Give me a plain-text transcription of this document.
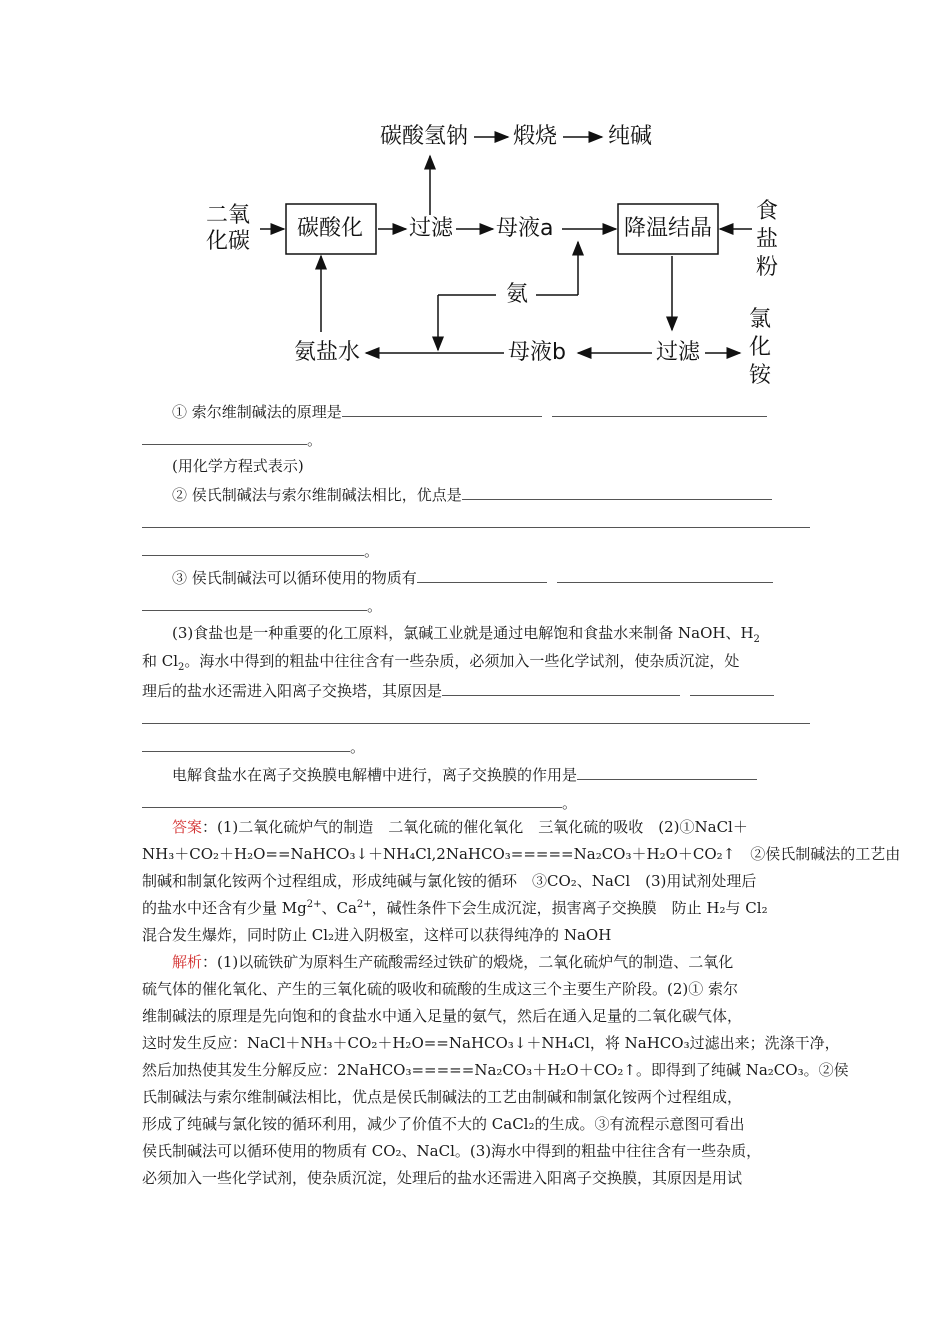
碳酸氢钠 煅烧 纯碱
二氧化碳
碳酸化 过滤 母液a	降温结晶
食盐粉
氨
氨盐水	母液b	过滤
氯化铵
① 索尔维制碱法的原理是
。
(用化学方程式表示)
② 侯氏制碱法与索尔维制碱法相比，优点是
。
③ 侯氏制碱法可以循环使用的物质有
。
(3)食盐也是一种重要的化工原料，氯碱工业就是通过电解饱和食盐水来制备 NaOH、$H_2$
和 $Cl_2$。海水中得到的粗盐中往往含有一些杂质，必须加入一些化学试剂，使杂质沉淀，处
理后的盐水还需进入阳离子交换塔，其原因是
。
电解食盐水在离子交换膜电解槽中进行，离子交换膜的作用是
。
答案：(1)二氧化硫炉气的制造　二氧化硫的催化氧化　三氧化硫的吸收　(2)①NaCl＋
NH₃＋CO₂＋H₂O==NaHCO₃↓＋NH₄Cl,2NaHCO₃=====Na₂CO₃＋H₂O＋CO₂↑　②侯氏制碱法的工艺由
制碱和制氯化铵两个过程组成，形成纯碱与氯化铵的循环　③CO₂、NaCl　(3)用试剂处理后
的盐水中还含有少量 $Mg^{2+}$、$Ca^{2+}$，碱性条件下会生成沉淀，损害离子交换膜　防止 H₂与 Cl₂
混合发生爆炸，同时防止 Cl₂进入阴极室，这样可以获得纯净的 NaOH
解析：(1)以硫铁矿为原料生产硫酸需经过铁矿的煅烧，二氧化硫炉气的制造、二氧化
硫气体的催化氧化、产生的三氧化硫的吸收和硫酸的生成这三个主要生产阶段。(2)① 索尔
维制碱法的原理是先向饱和的食盐水中通入足量的氨气，然后在通入足量的二氧化碳气体，
这时发生反应：NaCl＋NH₃＋CO₂＋H₂O==NaHCO₃↓＋NH₄Cl，将 NaHCO₃过滤出来；洗涤干净，
然后加热使其发生分解反应：2NaHCO₃=====Na₂CO₃＋H₂O＋CO₂↑。即得到了纯碱 Na₂CO₃。②侯
氏制碱法与索尔维制碱法相比，优点是侯氏制碱法的工艺由制碱和制氯化铵两个过程组成，
形成了纯碱与氯化铵的循环利用，减少了价值不大的 CaCl₂的生成。③有流程示意图可看出
侯氏制碱法可以循环使用的物质有 CO₂、NaCl。(3)海水中得到的粗盐中往往含有一些杂质，
必须加入一些化学试剂，使杂质沉淀，处理后的盐水还需进入阳离子交换膜，其原因是用试
